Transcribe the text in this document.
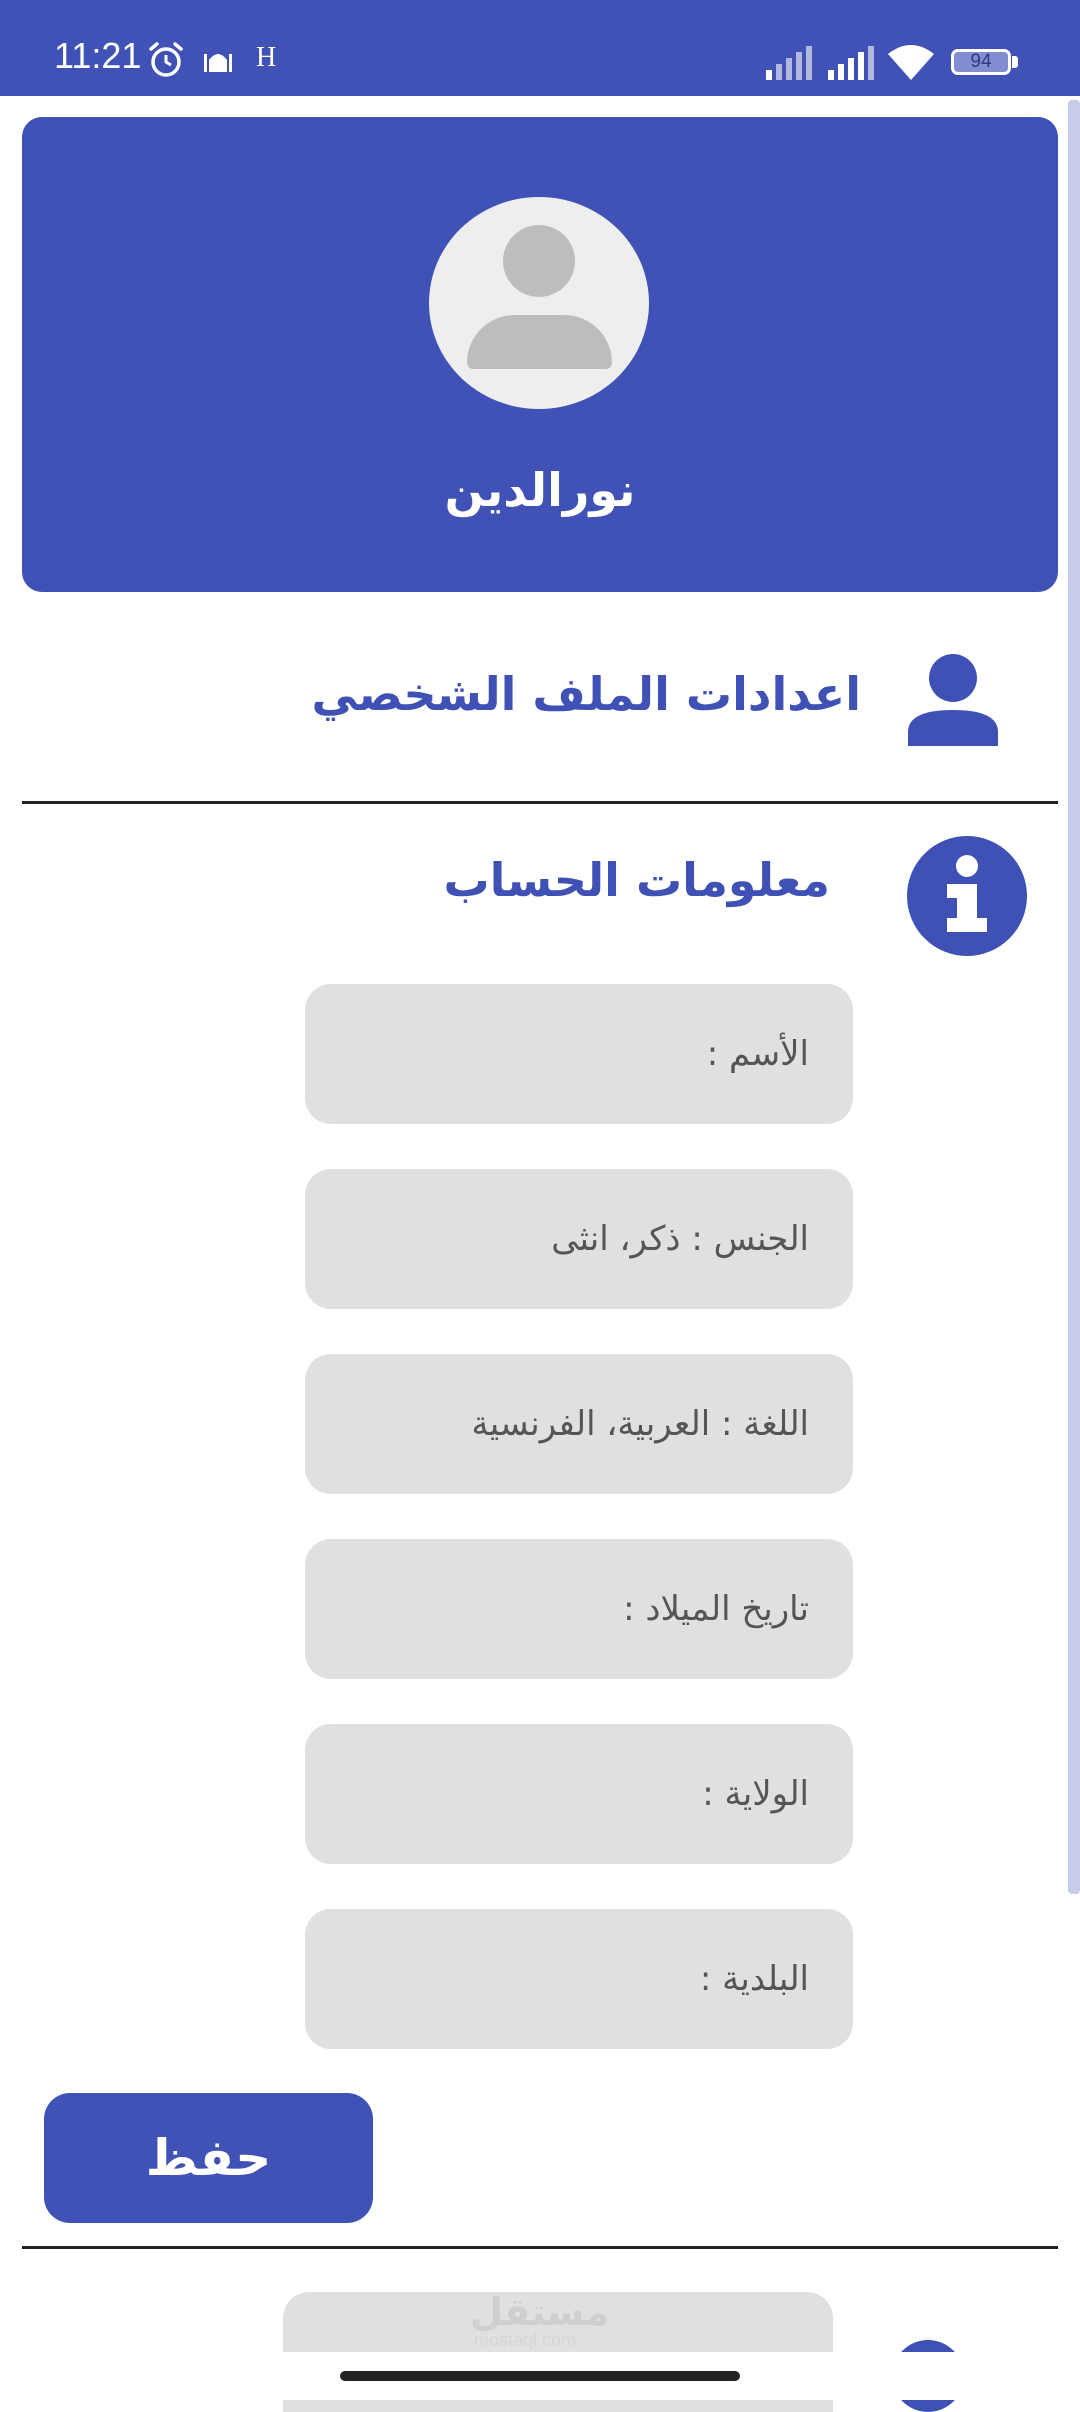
11:21	H	94
نورالدين
اعدادات الملف الشخصي
معلومات الحساب
الأسم :
الجنس : ذكر، انثى
اللغة : العربية، الفرنسية
تاريخ الميلاد :
الولاية :
البلدية :
حفظ
مستقل
mostaql.com
